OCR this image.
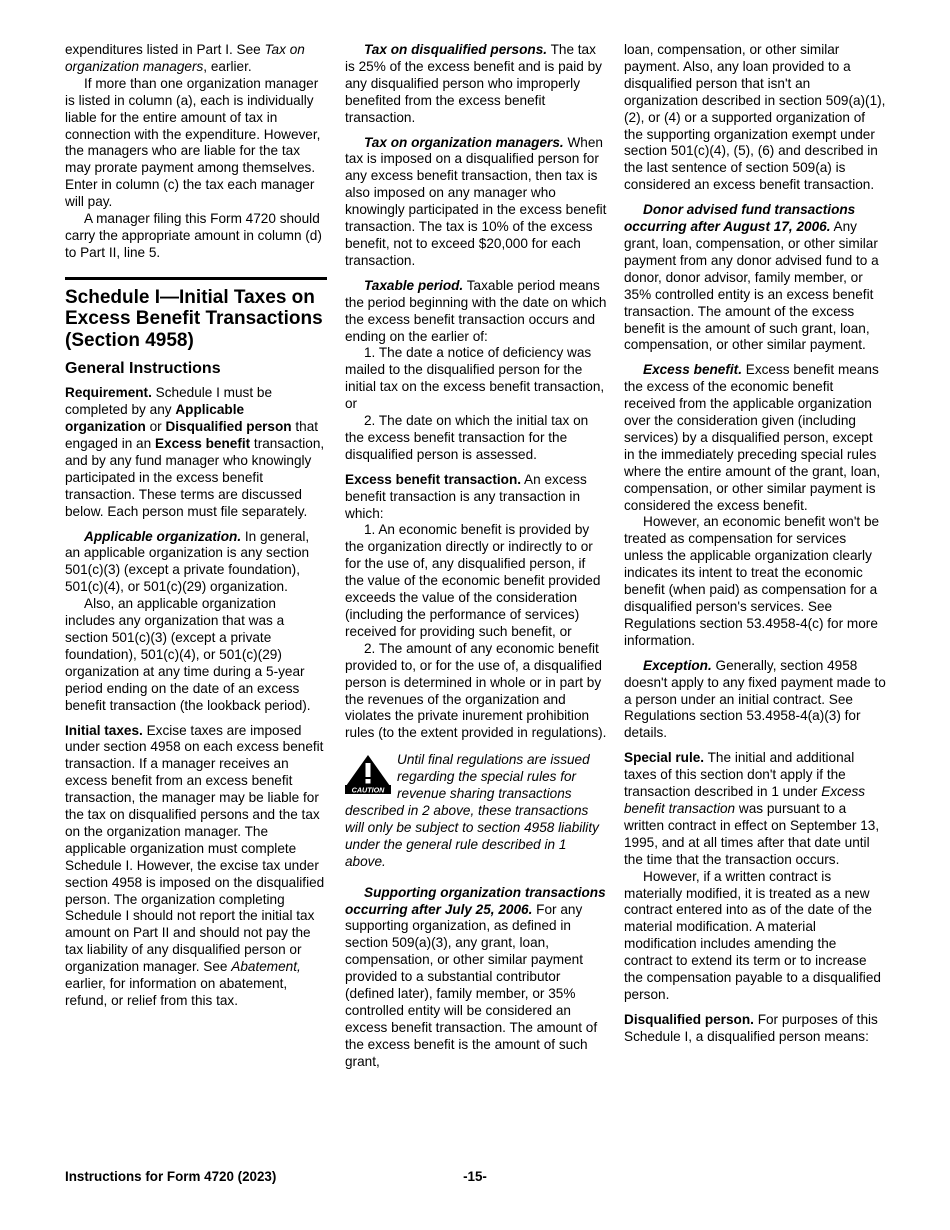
expenditures listed in Part I. See Tax on organization managers, earlier.

If more than one organization manager is listed in column (a), each is individually liable for the entire amount of tax in connection with the expenditure. However, the managers who are liable for the tax may prorate payment among themselves. Enter in column (c) the tax each manager will pay.

A manager filing this Form 4720 should carry the appropriate amount in column (d) to Part II, line 5.

Schedule I—Initial Taxes on Excess Benefit Transactions (Section 4958)
General Instructions

Requirement. Schedule I must be completed by any Applicable organization or Disqualified person that engaged in an Excess benefit transaction, and by any fund manager who knowingly participated in the excess benefit transaction. These terms are discussed below. Each person must file separately.

Applicable organization. In general, an applicable organization is any section 501(c)(3) (except a private foundation), 501(c)(4), or 501(c)(29) organization.

Also, an applicable organization includes any organization that was a section 501(c)(3) (except a private foundation), 501(c)(4), or 501(c)(29) organization at any time during a 5-year period ending on the date of an excess benefit transaction (the lookback period).

Initial taxes. Excise taxes are imposed under section 4958 on each excess benefit transaction. If a manager receives an excess benefit from an excess benefit transaction, the manager may be liable for the tax on disqualified persons and the tax on the organization manager. The applicable organization must complete Schedule I. However, the excise tax under section 4958 is imposed on the disqualified person. The organization completing Schedule I should not report the initial tax amount on Part II and should not pay the tax liability of any disqualified person or organization manager. See Abatement, earlier, for information on abatement, refund, or relief from this tax.

Tax on disqualified persons. The tax is 25% of the excess benefit and is paid by any disqualified person who improperly benefited from the excess benefit transaction.

Tax on organization managers. When tax is imposed on a disqualified person for any excess benefit transaction, then tax is also imposed on any manager who knowingly participated in the excess benefit transaction. The tax is 10% of the excess benefit, not to exceed $20,000 for each transaction.

Taxable period. Taxable period means the period beginning with the date on which the excess benefit transaction occurs and ending on the earlier of:

1. The date a notice of deficiency was mailed to the disqualified person for the initial tax on the excess benefit transaction, or

2. The date on which the initial tax on the excess benefit transaction for the disqualified person is assessed.

Excess benefit transaction. An excess benefit transaction is any transaction in which:

1. An economic benefit is provided by the organization directly or indirectly to or for the use of, any disqualified person, if the value of the economic benefit provided exceeds the value of the consideration (including the performance of services) received for providing such benefit, or

2. The amount of any economic benefit provided to, or for the use of, a disqualified person is determined in whole or in part by the revenues of the organization and violates the private inurement prohibition rules (to the extent provided in regulations).

CAUTION
Until final regulations are issued regarding the special rules for revenue sharing transactions described in 2 above, these transactions will only be subject to section 4958 liability under the general rule described in 1 above.

Supporting organization transactions occurring after July 25, 2006. For any supporting organization, as defined in section 509(a)(3), any grant, loan, compensation, or other similar payment provided to a substantial contributor (defined later), family member, or 35% controlled entity will be considered an excess benefit transaction. The amount of the excess benefit is the amount of such grant,

loan, compensation, or other similar payment. Also, any loan provided to a disqualified person that isn't an organization described in section 509(a)(1), (2), or (4) or a supported organization of the supporting organization exempt under section 501(c)(4), (5), (6) and described in the last sentence of section 509(a) is considered an excess benefit transaction.

Donor advised fund transactions occurring after August 17, 2006. Any grant, loan, compensation, or other similar payment from any donor advised fund to a donor, donor advisor, family member, or 35% controlled entity is an excess benefit transaction. The amount of the excess benefit is the amount of such grant, loan, compensation, or other similar payment.

Excess benefit. Excess benefit means the excess of the economic benefit received from the applicable organization over the consideration given (including services) by a disqualified person, except in the immediately preceding special rules where the entire amount of the grant, loan, compensation, or other similar payment is considered the excess benefit.

However, an economic benefit won't be treated as compensation for services unless the applicable organization clearly indicates its intent to treat the economic benefit (when paid) as compensation for a disqualified person's services. See Regulations section 53.4958-4(c) for more information.

Exception. Generally, section 4958 doesn't apply to any fixed payment made to a person under an initial contract. See Regulations section 53.4958-4(a)(3) for details.

Special rule. The initial and additional taxes of this section don't apply if the transaction described in 1 under Excess benefit transaction was pursuant to a written contract in effect on September 13, 1995, and at all times after that date until the time that the transaction occurs.

However, if a written contract is materially modified, it is treated as a new contract entered into as of the date of the material modification. A material modification includes amending the contract to extend its term or to increase the compensation payable to a disqualified person.

Disqualified person. For purposes of this Schedule I, a disqualified person means:

Instructions for Form 4720 (2023)	-15-
